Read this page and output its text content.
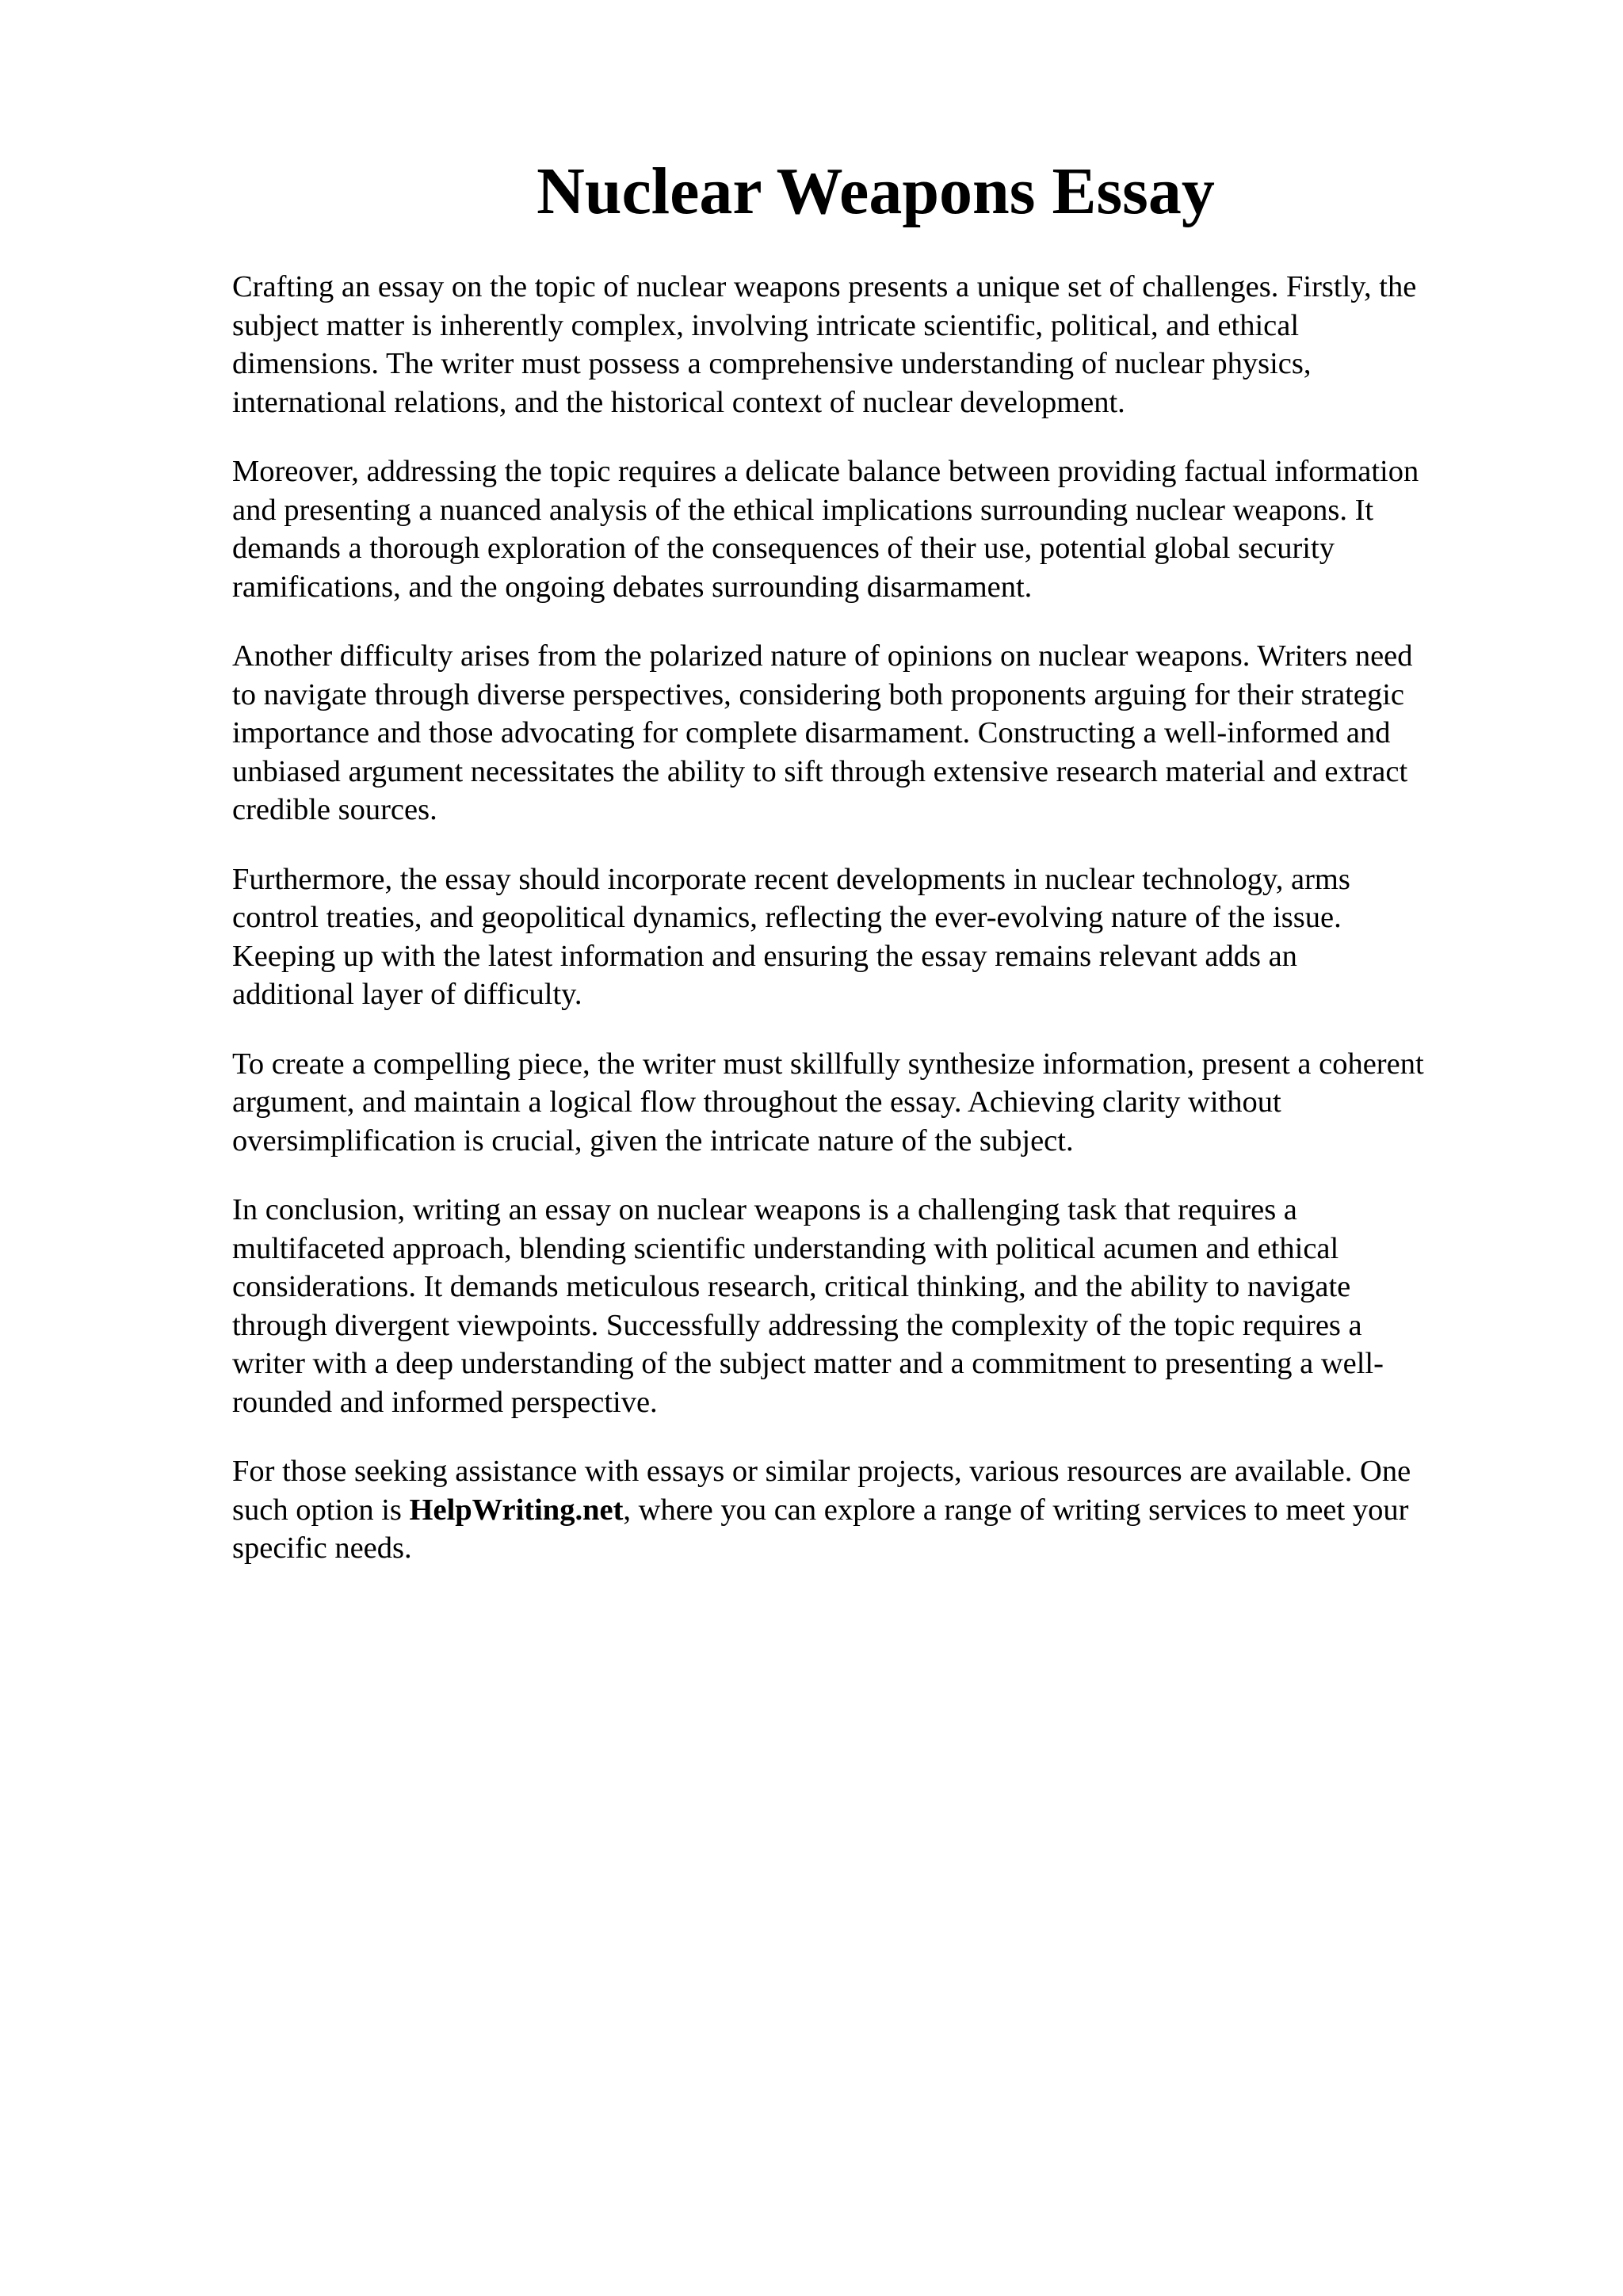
Nuclear Weapons Essay

Crafting an essay on the topic of nuclear weapons presents a unique set of challenges. Firstly, the
subject matter is inherently complex, involving intricate scientific, political, and ethical
dimensions. The writer must possess a comprehensive understanding of nuclear physics,
international relations, and the historical context of nuclear development.

Moreover, addressing the topic requires a delicate balance between providing factual information
and presenting a nuanced analysis of the ethical implications surrounding nuclear weapons. It
demands a thorough exploration of the consequences of their use, potential global security
ramifications, and the ongoing debates surrounding disarmament.

Another difficulty arises from the polarized nature of opinions on nuclear weapons. Writers need
to navigate through diverse perspectives, considering both proponents arguing for their strategic
importance and those advocating for complete disarmament. Constructing a well-informed and
unbiased argument necessitates the ability to sift through extensive research material and extract
credible sources.

Furthermore, the essay should incorporate recent developments in nuclear technology, arms
control treaties, and geopolitical dynamics, reflecting the ever-evolving nature of the issue.
Keeping up with the latest information and ensuring the essay remains relevant adds an
additional layer of difficulty.

To create a compelling piece, the writer must skillfully synthesize information, present a coherent
argument, and maintain a logical flow throughout the essay. Achieving clarity without
oversimplification is crucial, given the intricate nature of the subject.

In conclusion, writing an essay on nuclear weapons is a challenging task that requires a
multifaceted approach, blending scientific understanding with political acumen and ethical
considerations. It demands meticulous research, critical thinking, and the ability to navigate
through divergent viewpoints. Successfully addressing the complexity of the topic requires a
writer with a deep understanding of the subject matter and a commitment to presenting a well-
rounded and informed perspective.

For those seeking assistance with essays or similar projects, various resources are available. One
such option is HelpWriting.net, where you can explore a range of writing services to meet your
specific needs.
